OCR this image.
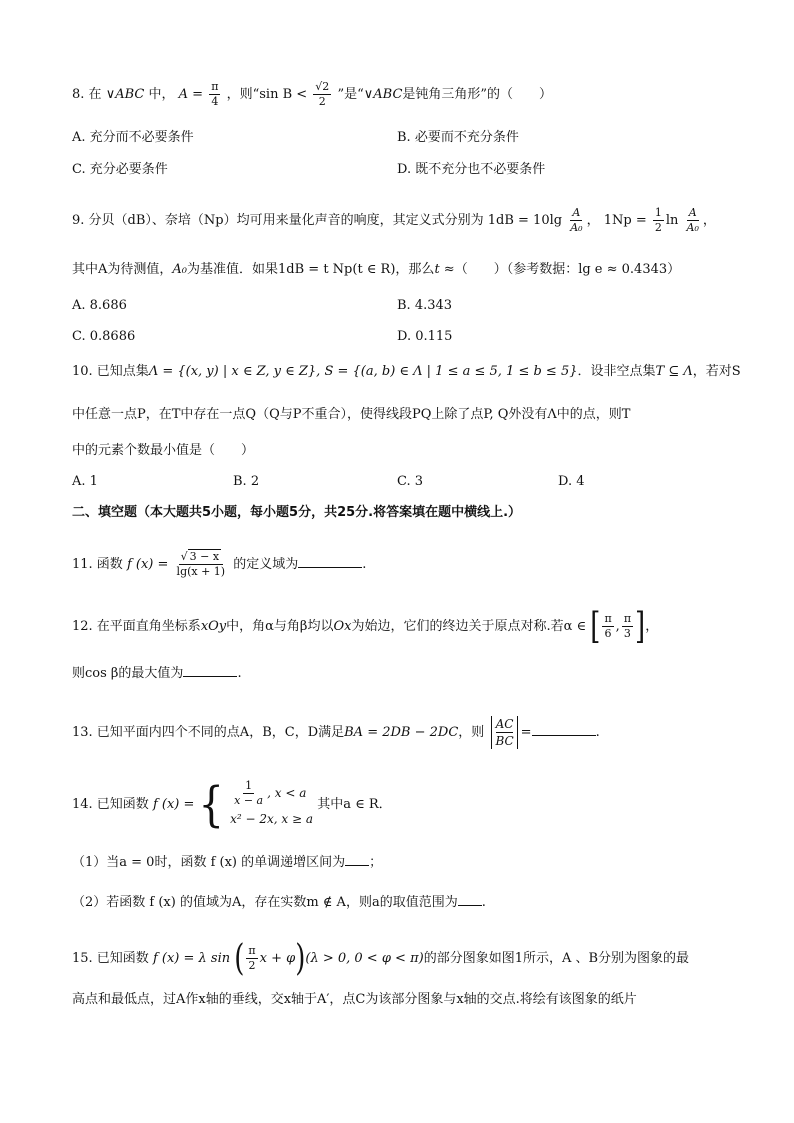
8. 在 ∨ABC 中， $A = \frac{\pi}{4}$ ，则“sin $B < \frac{√2}{2}$ ”是“∨ABC是钝角三角形”的（　　）
A. 充分而不必要条件	B. 必要而不充分条件
C. 充分必要条件	D. 既不充分也不必要条件
9. 分贝（dB）、奈培（Np）均可用来量化声音的响度，其定义式分别为 $1dB = 10\lg \frac{A}{\text{A₀}}$ ， $1Np = \frac{1}{2}$ $\ln \frac{A}{\text{A₀}}$ ，
其中A为待测值，A₀为基准值．如果1dB = t Np(t ∈ R)，那么t ≈（　　）（参考数据：lg e ≈ 0.4343）
A. 8.686	B. 4.343
C. 0.8686	D. 0.115
10. 已知点集Λ = {(x, y) | x ∈ Z, y ∈ Z}, S = {(a, b) ∈ Λ | 1 ≤ a ≤ 5, 1 ≤ b ≤ 5}．设非空点集T ⊆ Λ，若对S
中任意一点P，在T中存在一点Q（Q与P不重合），使得线段PQ上除了点P, Q外没有Λ中的点，则T
中的元素个数最小值是（　　）
A. 1	B. 2	C. 3	D. 4
二、填空题（本大题共5小题，每小题5分，共25分.将答案填在题中横线上.）
11. 函数 f $(x) = \frac{√ 3 - x}{\lg(x + 1)}$ 的定义域为	.
12. 在平面直角坐标系xOy中，角α与角β均以Ox为始边，它们的终边关于原点对称.若α ∈ [ $\frac{\pi}{6}$ , $\frac{\pi}{3}$ ]，
则cos β的最大值为	.
13. 已知平面内四个不同的点A，B，C，D满足BA = 2DB − 2DC，则 $\frac{AC}{BC}$ =	.
14. 已知函数 f (x) = { $\frac{1}{x - a}$ , x < a
x² − 2x, x ≥ a
其中a ∈ R．
（1）当a = 0时，函数 f (x) 的单调递增区间为 ；
（2）若函数 f (x) 的值域为A，存在实数m ∉ A，则a的取值范围为 .
15. 已知函数 f (x) = λ sin ( $\frac{\pi}{2}$ x + φ)(λ > 0, 0 < φ < π)的部分图象如图1所示，A 、B分别为图象的最
高点和最低点，过A作x轴的垂线，交x轴于A′，点C为该部分图象与x轴的交点.将绘有该图象的纸片
